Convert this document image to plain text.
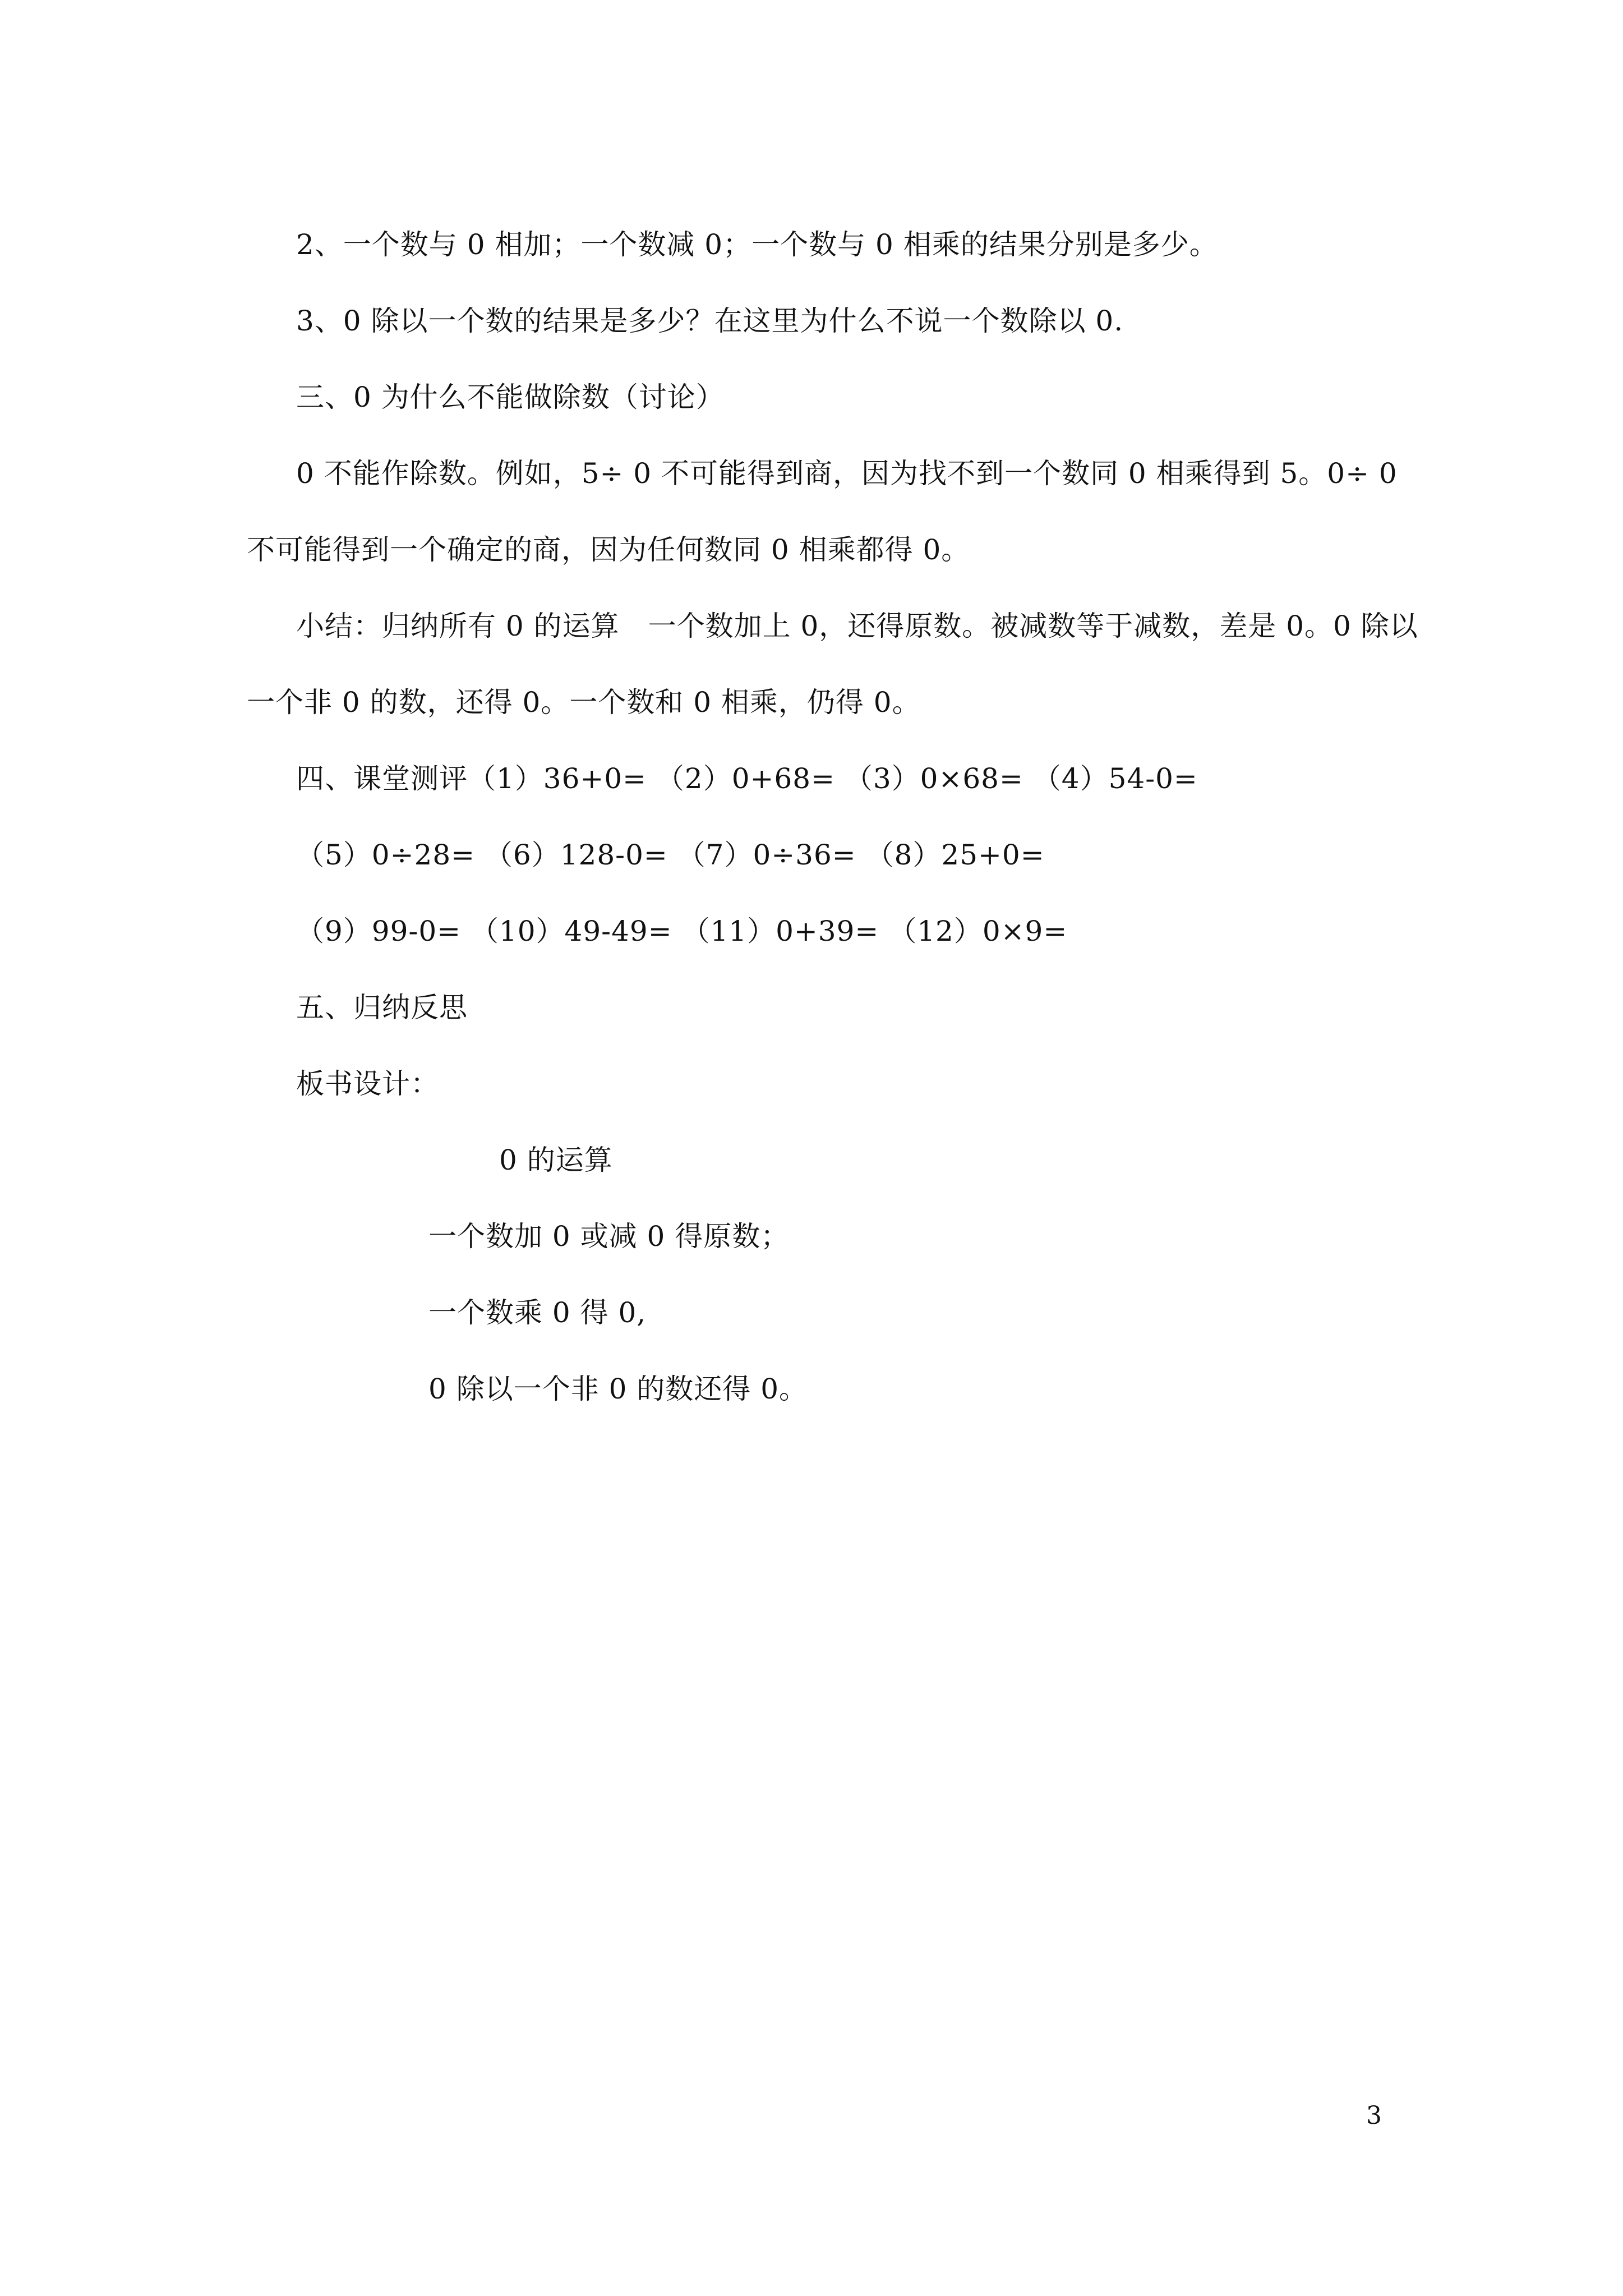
2、一个数与 0 相加；一个数减 0；一个数与 0 相乘的结果分别是多少。
3、0 除以一个数的结果是多少？在这里为什么不说一个数除以 0.
三、0 为什么不能做除数（讨论）
0 不能作除数。例如，5÷ 0 不可能得到商，因为找不到一个数同 0 相乘得到 5。0÷ 0
不可能得到一个确定的商，因为任何数同 0 相乘都得 0。
小结：归纳所有 0 的运算　一个数加上 0，还得原数。被减数等于减数，差是 0。0 除以
一个非 0 的数，还得 0。一个数和 0 相乘，仍得 0。
四、课堂测评（1）36+0= （2）0+68= （3）0×68= （4）54-0=
（5）0÷28= （6）128-0= （7）0÷36= （8）25+0=
（9）99-0= （10）49-49= （11）0+39= （12）0×9=
五、归纳反思
板书设计：
0 的运算
一个数加 0 或减 0 得原数；
一个数乘 0 得 0,
0 除以一个非 0 的数还得 0。
3
